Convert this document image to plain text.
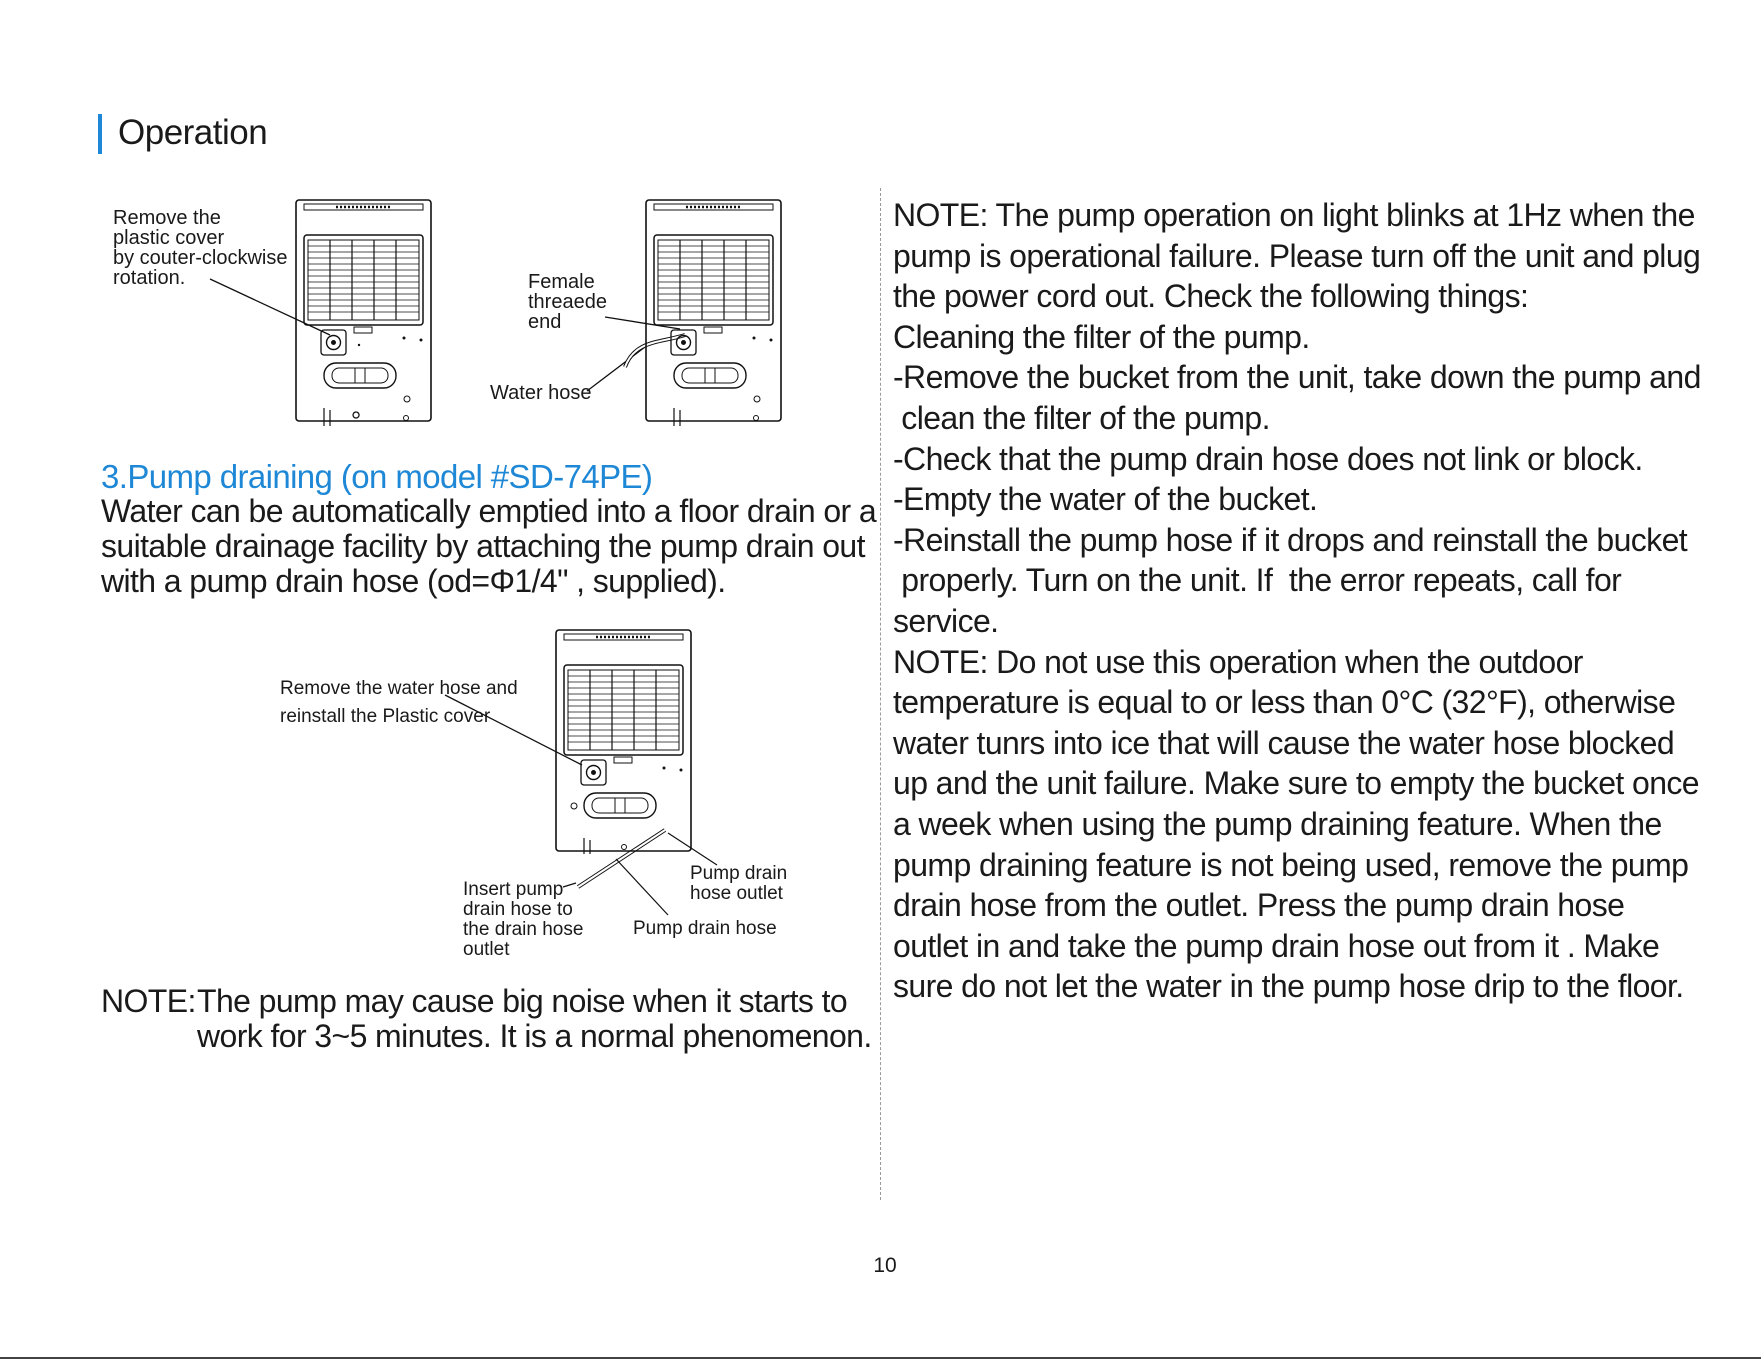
Operation
Remove the plastic cover by couter-clockwise rotation.	Female threaede end
Water hose
3.Pump draining (on model #SD-74PE)
Water can be automatically emptied into a floor drain or a
suitable drainage facility by attaching the pump drain out
with a pump drain hose (od=Φ1/4" , supplied).
Remove the water hose and reinstall the Plastic cover
Insert pump drain hose to the drain hose outlet
Pump drain hose outlet
Pump drain hose
NOTE:The pump may cause big noise when it starts to
work for 3~5 minutes. It is a normal phenomenon.
NOTE: The pump operation on light blinks at 1Hz when the
pump is operational failure. Please turn off the unit and plug
the power cord out. Check the following things:
Cleaning the filter of the pump.
-Remove the bucket from the unit, take down the pump and
clean the filter of the pump.
-Check that the pump drain hose does not link or block.
-Empty the water of the bucket.
-Reinstall the pump hose if it drops and reinstall the bucket
properly. Turn on the unit. If  the error repeats, call for
service.
NOTE: Do not use this operation when the outdoor
temperature is equal to or less than 0°C (32°F), otherwise
water tunrs into ice that will cause the water hose blocked
up and the unit failure. Make sure to empty the bucket once
a week when using the pump draining feature. When the
pump draining feature is not being used, remove the pump
drain hose from the outlet. Press the pump drain hose
outlet in and take the pump drain hose out from it . Make
sure do not let the water in the pump hose drip to the floor.
10
